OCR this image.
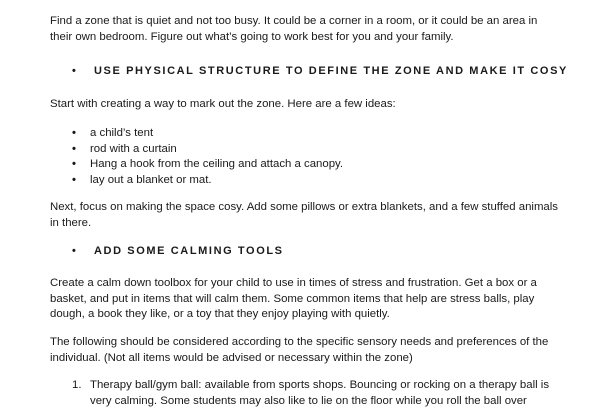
Find a zone that is quiet and not too busy. It could be a corner in a room, or it could be an area in
their own bedroom. Figure out what’s going to work best for you and your family.

• USE PHYSICAL STRUCTURE TO DEFINE THE ZONE AND MAKE IT COSY

Start with creating a way to mark out the zone. Here are a few ideas:

• a child’s tent
• rod with a curtain
• Hang a hook from the ceiling and attach a canopy.
• lay out a blanket or mat.

Next, focus on making the space cosy. Add some pillows or extra blankets, and a few stuffed animals
in there.

• ADD SOME CALMING TOOLS

Create a calm down toolbox for your child to use in times of stress and frustration. Get a box or a
basket, and put in items that will calm them. Some common items that help are stress balls, play
dough, a book they like, or a toy that they enjoy playing with quietly.

The following should be considered according to the specific sensory needs and preferences of the
individual. (Not all items would be advised or necessary within the zone)

1. Therapy ball/gym ball: available from sports shops. Bouncing or rocking on a therapy ball is
very calming. Some students may also like to lie on the floor while you roll the ball over
